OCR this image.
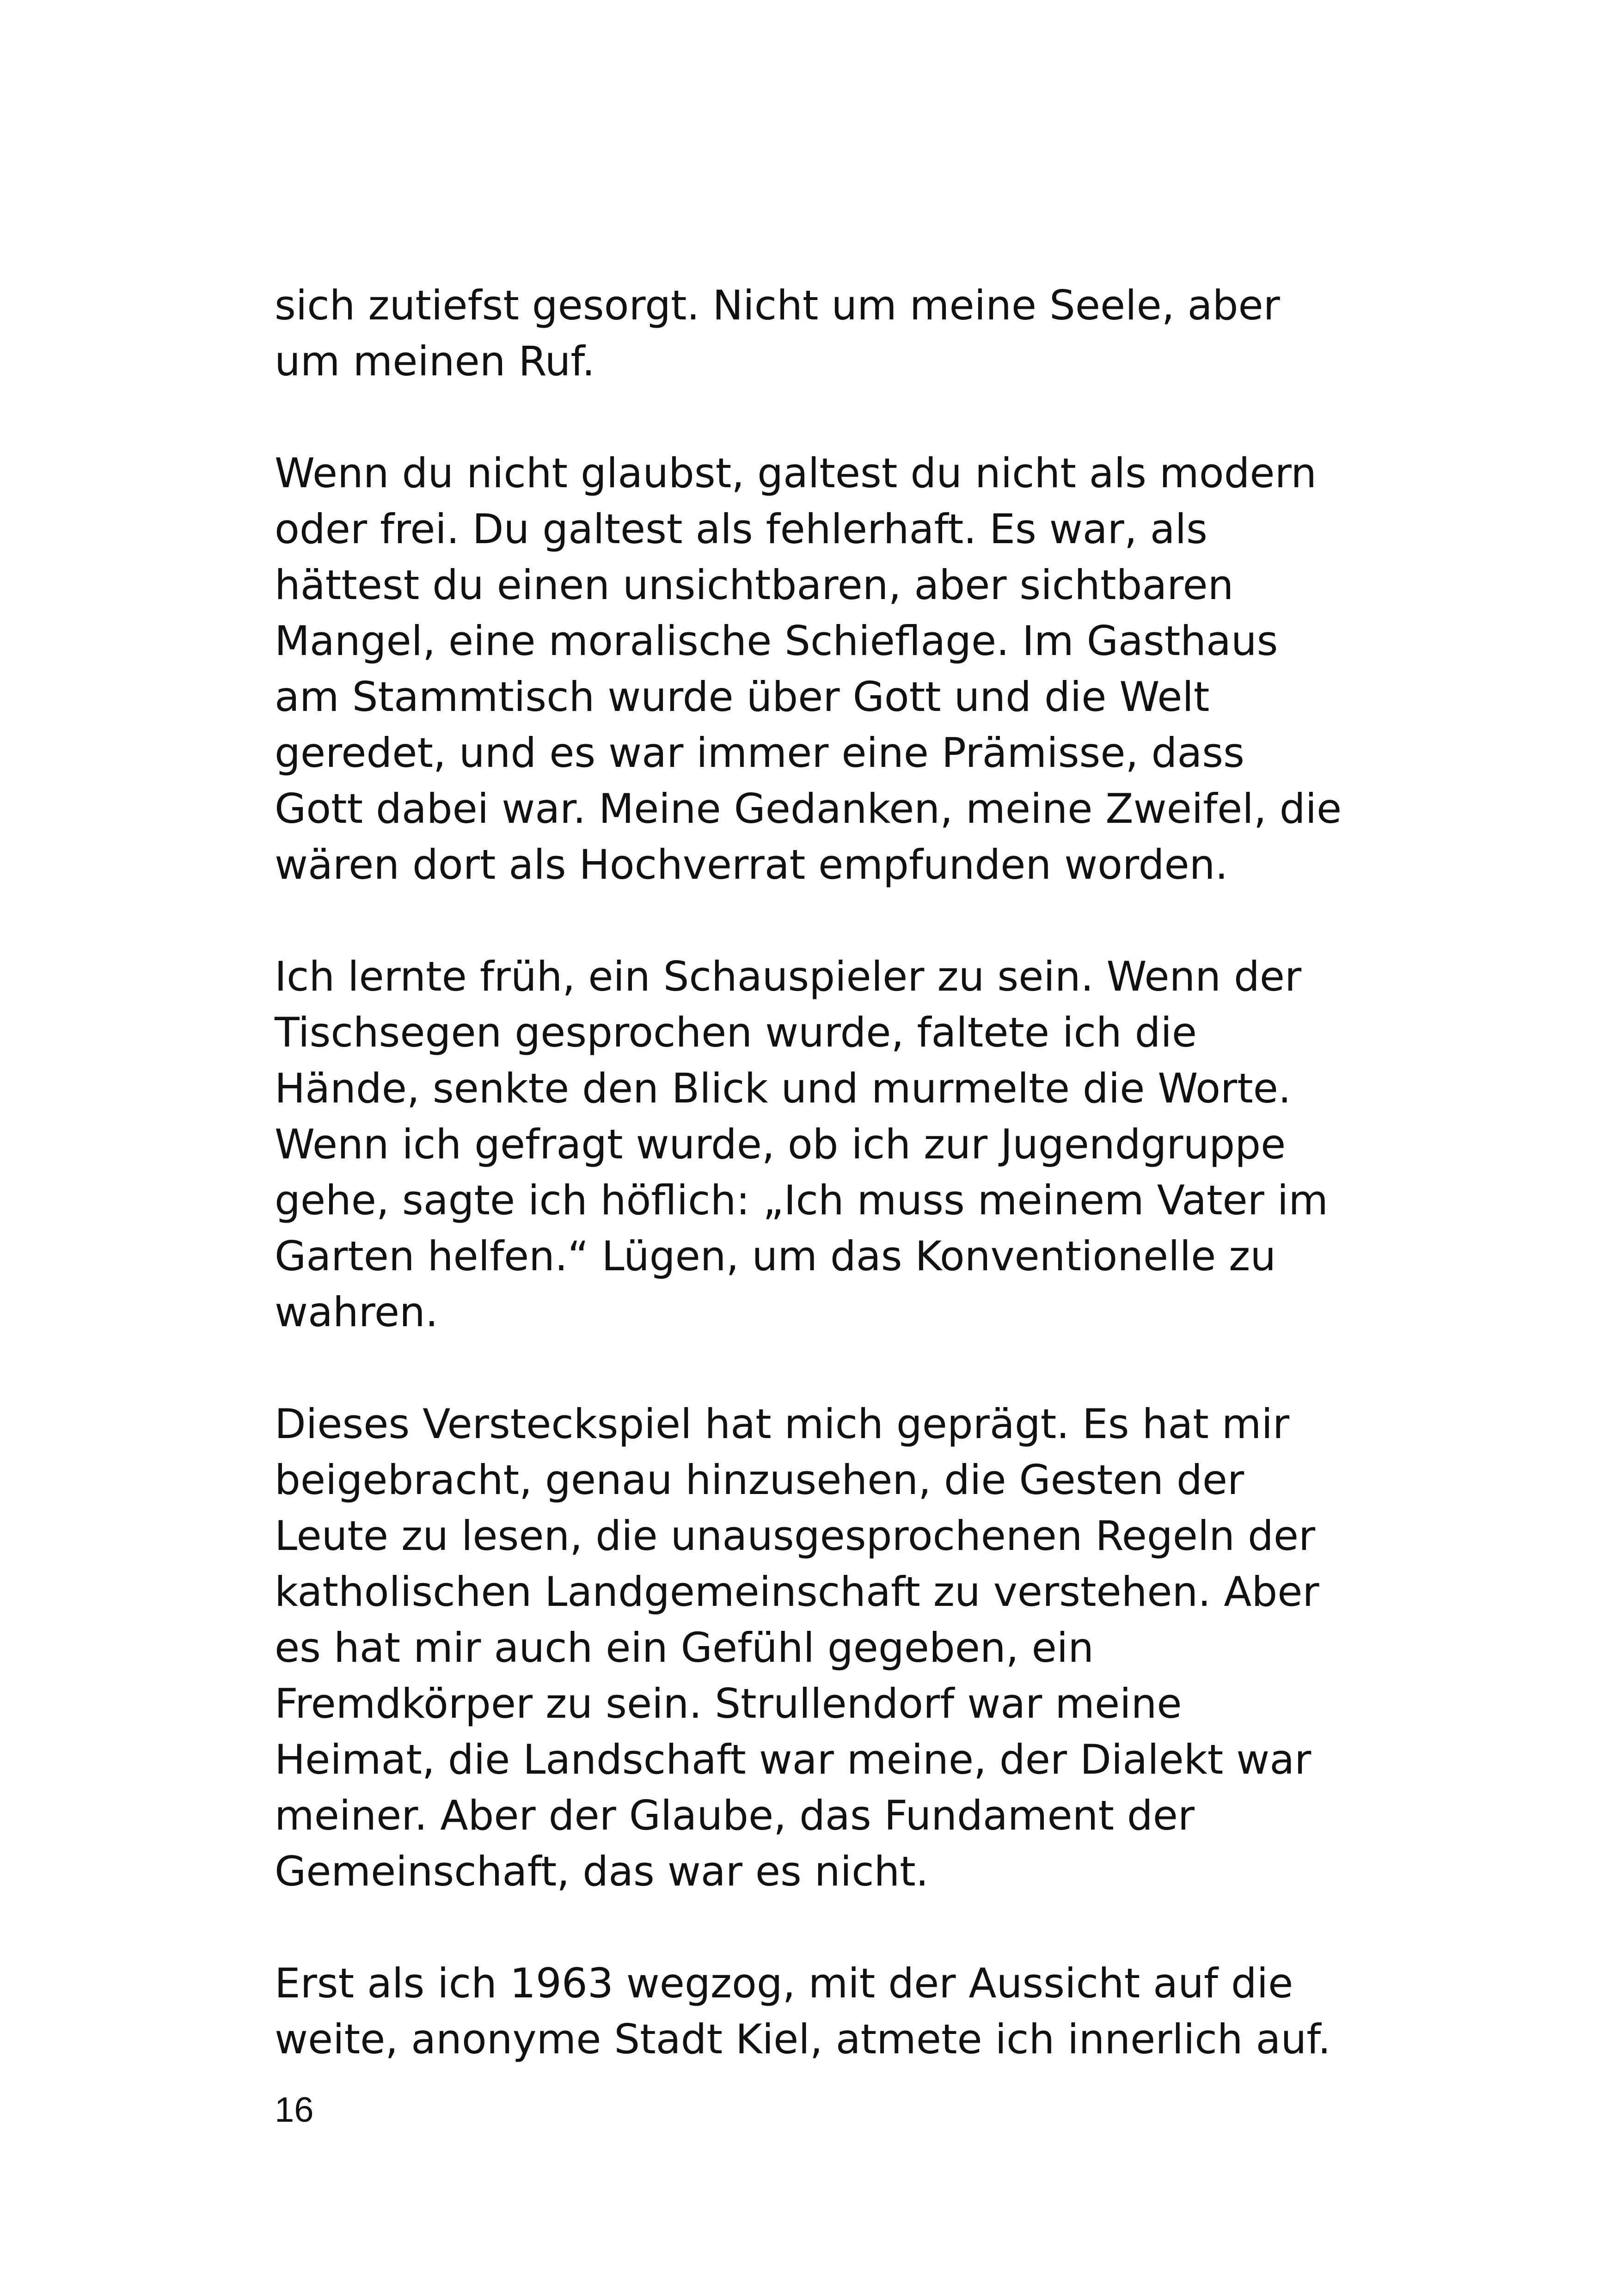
sich zutiefst gesorgt. Nicht um meine Seele, aber
um meinen Ruf.

Wenn du nicht glaubst, galtest du nicht als modern
oder frei. Du galtest als fehlerhaft. Es war, als
hättest du einen unsichtbaren, aber sichtbaren
Mangel, eine moralische Schieflage. Im Gasthaus
am Stammtisch wurde über Gott und die Welt
geredet, und es war immer eine Prämisse, dass
Gott dabei war. Meine Gedanken, meine Zweifel, die
wären dort als Hochverrat empfunden worden.

Ich lernte früh, ein Schauspieler zu sein. Wenn der
Tischsegen gesprochen wurde, faltete ich die
Hände, senkte den Blick und murmelte die Worte.
Wenn ich gefragt wurde, ob ich zur Jugendgruppe
gehe, sagte ich höflich: „Ich muss meinem Vater im
Garten helfen.“ Lügen, um das Konventionelle zu
wahren.

Dieses Versteckspiel hat mich geprägt. Es hat mir
beigebracht, genau hinzusehen, die Gesten der
Leute zu lesen, die unausgesprochenen Regeln der
katholischen Landgemeinschaft zu verstehen. Aber
es hat mir auch ein Gefühl gegeben, ein
Fremdkörper zu sein. Strullendorf war meine
Heimat, die Landschaft war meine, der Dialekt war
meiner. Aber der Glaube, das Fundament der
Gemeinschaft, das war es nicht.

Erst als ich 1963 wegzog, mit der Aussicht auf die
weite, anonyme Stadt Kiel, atmete ich innerlich auf.

16
